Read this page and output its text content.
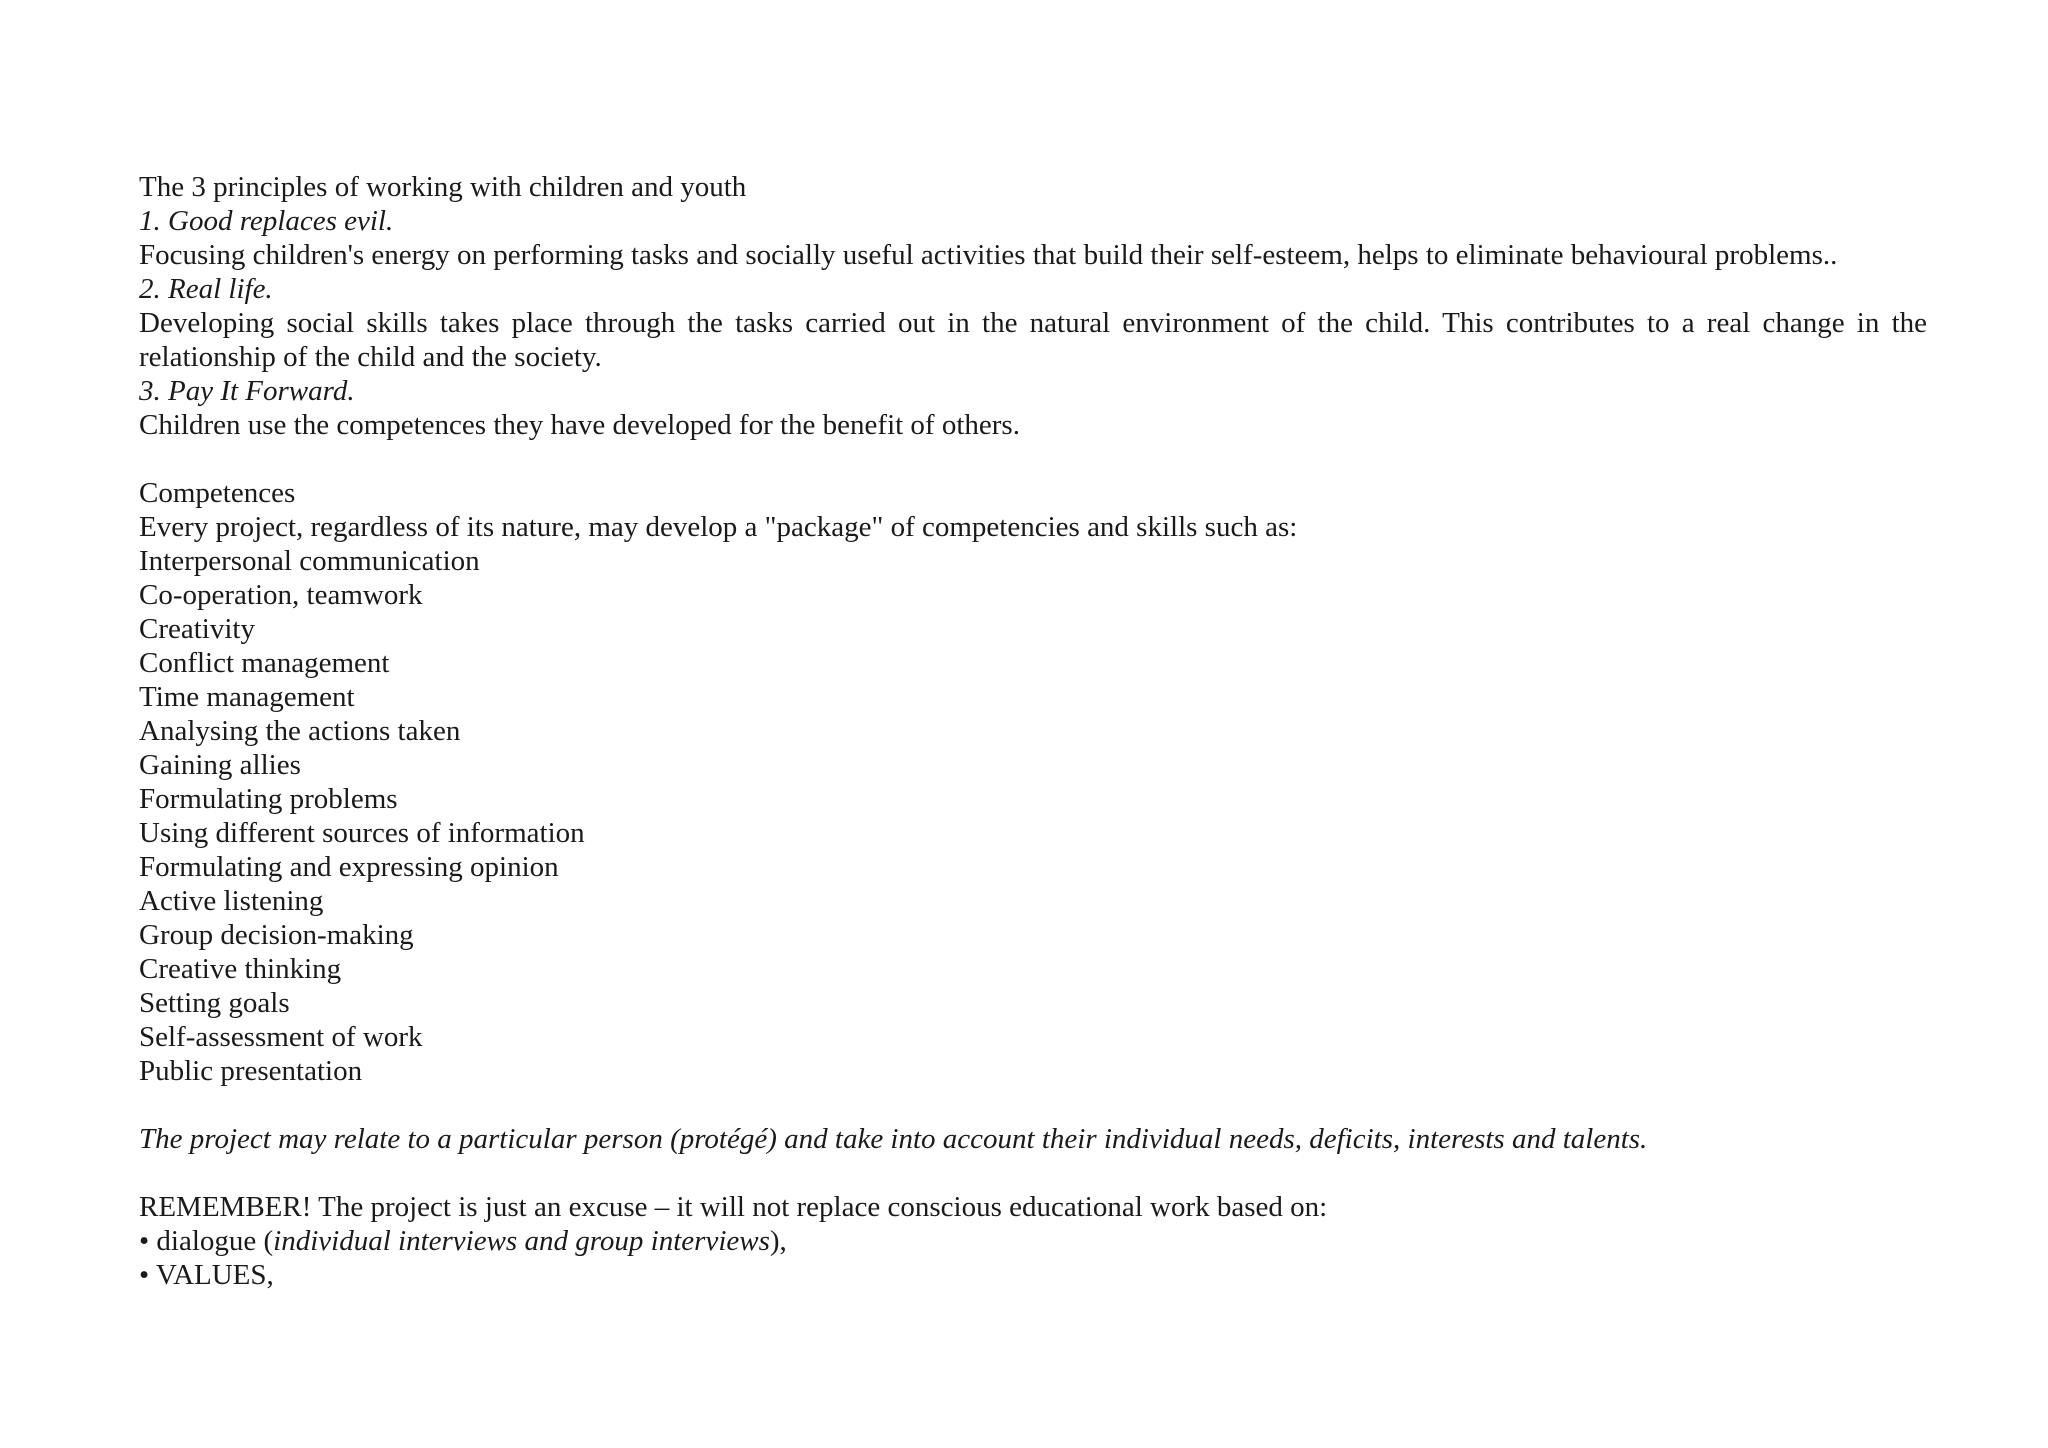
The 3 principles of working with children and youth
1. Good replaces evil.
Focusing children's energy on performing tasks and socially useful activities that build their self-esteem, helps to eliminate behavioural problems..
2. Real life.
Developing social skills takes place through the tasks carried out in the natural environment of the child. This contributes to a real change in the
relationship of the child and the society.
3. Pay It Forward.
Children use the competences they have developed for the benefit of others.
Competences
Every project, regardless of its nature, may develop a "package" of competencies and skills such as:
Interpersonal communication
Co-operation, teamwork
Creativity
Conflict management
Time management
Analysing the actions taken
Gaining allies
Formulating problems
Using different sources of information
Formulating and expressing opinion
Active listening
Group decision-making
Creative thinking
Setting goals
Self-assessment of work
Public presentation
The project may relate to a particular person (protégé) and take into account their individual needs, deficits, interests and talents.
REMEMBER! The project is just an excuse – it will not replace conscious educational work based on:
• dialogue (individual interviews and group interviews),
• VALUES,
